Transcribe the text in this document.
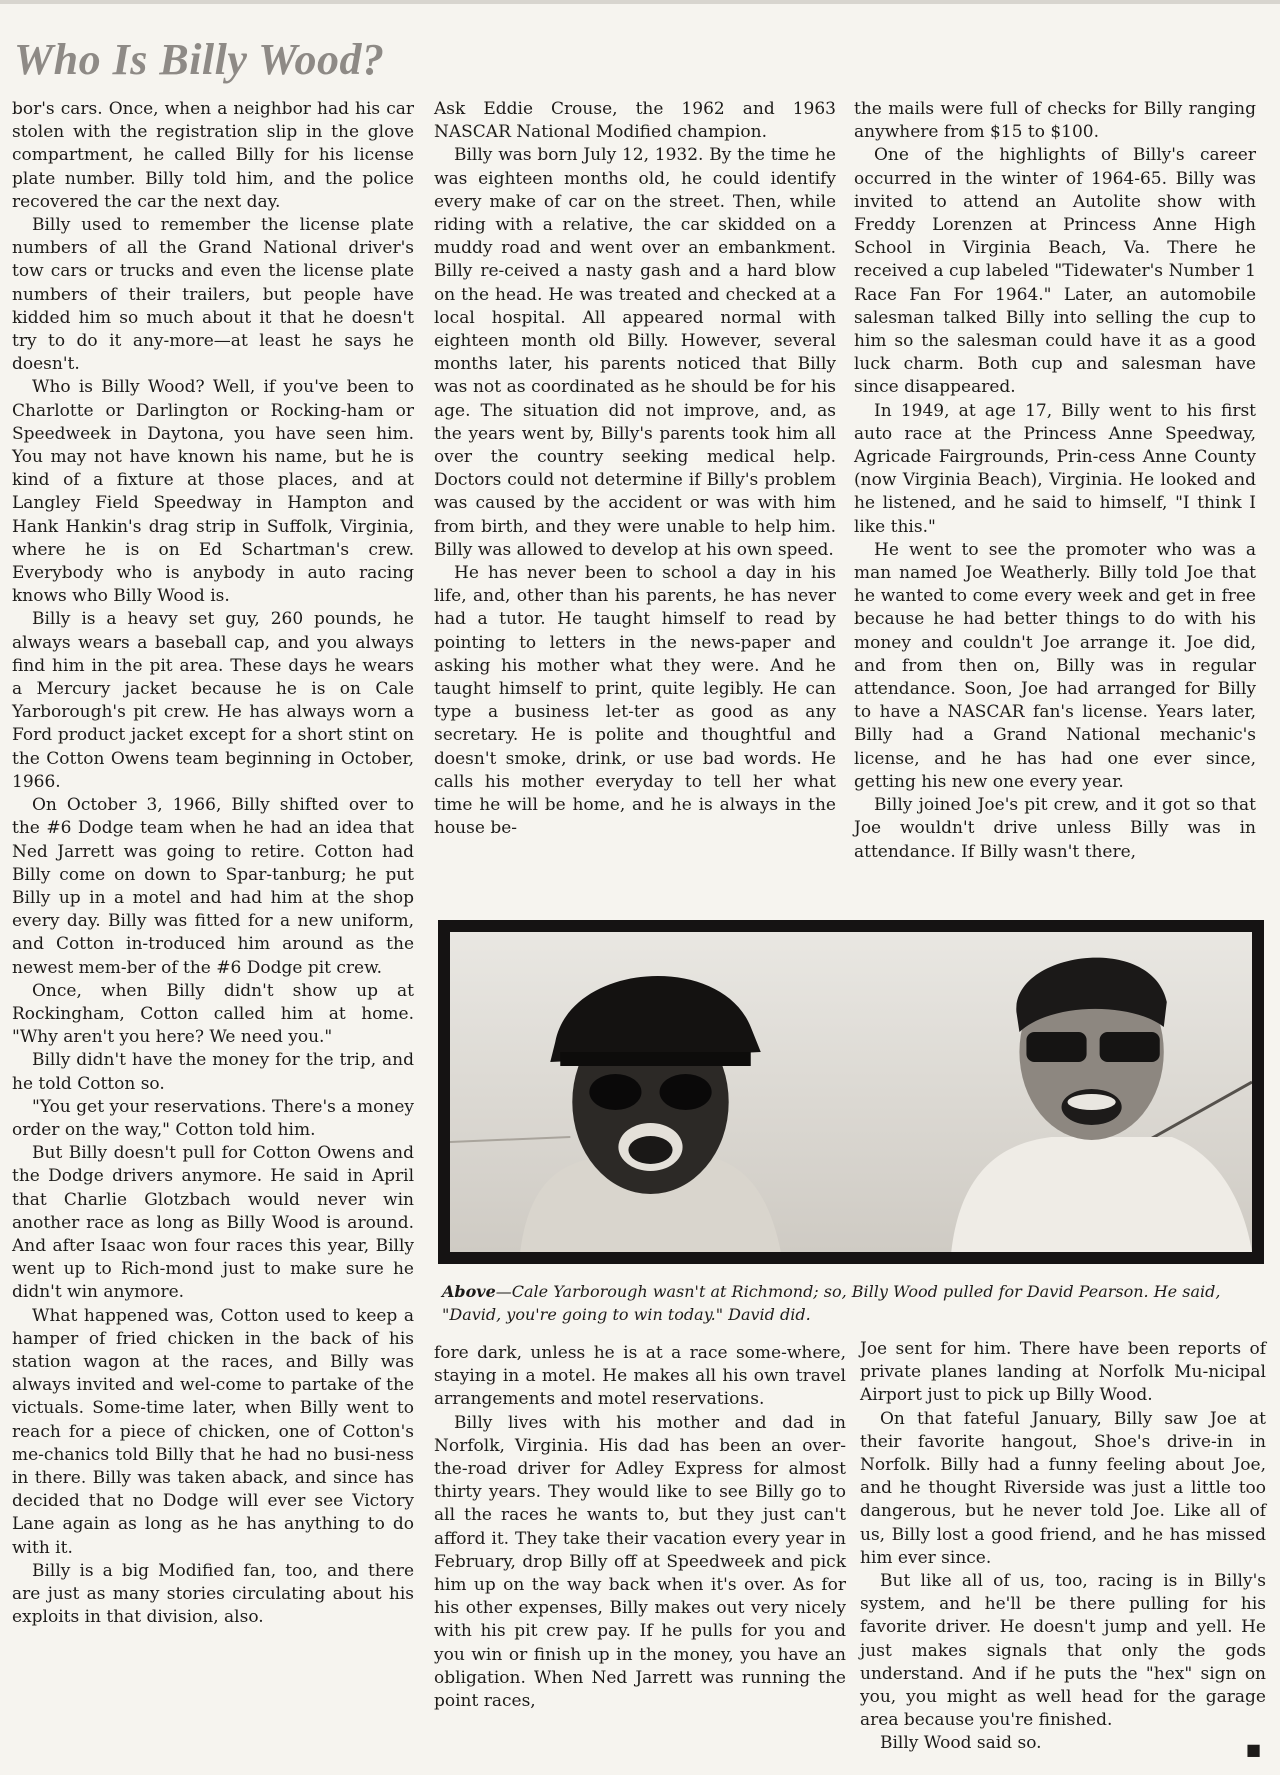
Who Is Billy Wood?

bor's cars. Once, when a neighbor had his car stolen with the registration slip in the glove compartment, he called Billy for his license plate number. Billy told him, and the police recovered the car the next day.

Billy used to remember the license plate numbers of all the Grand National driver's tow cars or trucks and even the license plate numbers of their trailers, but people have kidded him so much about it that he doesn't try to do it any-more—at least he says he doesn't.

Who is Billy Wood? Well, if you've been to Charlotte or Darlington or Rocking-ham or Speedweek in Daytona, you have seen him. You may not have known his name, but he is kind of a fixture at those places, and at Langley Field Speedway in Hampton and Hank Hankin's drag strip in Suffolk, Virginia, where he is on Ed Schartman's crew. Everybody who is anybody in auto racing knows who Billy Wood is.

Billy is a heavy set guy, 260 pounds, he always wears a baseball cap, and you always find him in the pit area. These days he wears a Mercury jacket because he is on Cale Yarborough's pit crew. He has always worn a Ford product jacket except for a short stint on the Cotton Owens team beginning in October, 1966.

On October 3, 1966, Billy shifted over to the #6 Dodge team when he had an idea that Ned Jarrett was going to retire. Cotton had Billy come on down to Spar-tanburg; he put Billy up in a motel and had him at the shop every day. Billy was fitted for a new uniform, and Cotton in-troduced him around as the newest mem-ber of the #6 Dodge pit crew.

Once, when Billy didn't show up at Rockingham, Cotton called him at home. "Why aren't you here? We need you."

Billy didn't have the money for the trip, and he told Cotton so.

"You get your reservations. There's a money order on the way," Cotton told him.

But Billy doesn't pull for Cotton Owens and the Dodge drivers anymore. He said in April that Charlie Glotzbach would never win another race as long as Billy Wood is around. And after Isaac won four races this year, Billy went up to Rich-mond just to make sure he didn't win anymore.

What happened was, Cotton used to keep a hamper of fried chicken in the back of his station wagon at the races, and Billy was always invited and wel-come to partake of the victuals. Some-time later, when Billy went to reach for a piece of chicken, one of Cotton's me-chanics told Billy that he had no busi-ness in there. Billy was taken aback, and since has decided that no Dodge will ever see Victory Lane again as long as he has anything to do with it.

Billy is a big Modified fan, too, and there are just as many stories circulating about his exploits in that division, also.

Ask Eddie Crouse, the 1962 and 1963 NASCAR National Modified champion.

Billy was born July 12, 1932. By the time he was eighteen months old, he could identify every make of car on the street. Then, while riding with a relative, the car skidded on a muddy road and went over an embankment. Billy re-ceived a nasty gash and a hard blow on the head. He was treated and checked at a local hospital. All appeared normal with eighteen month old Billy. However, several months later, his parents noticed that Billy was not as coordinated as he should be for his age. The situation did not improve, and, as the years went by, Billy's parents took him all over the country seeking medical help. Doctors could not determine if Billy's problem was caused by the accident or was with him from birth, and they were unable to help him. Billy was allowed to develop at his own speed.

He has never been to school a day in his life, and, other than his parents, he has never had a tutor. He taught himself to read by pointing to letters in the news-paper and asking his mother what they were. And he taught himself to print, quite legibly. He can type a business let-ter as good as any secretary. He is polite and thoughtful and doesn't smoke, drink, or use bad words. He calls his mother everyday to tell her what time he will be home, and he is always in the house be-

the mails were full of checks for Billy ranging anywhere from $15 to $100.

One of the highlights of Billy's career occurred in the winter of 1964-65. Billy was invited to attend an Autolite show with Freddy Lorenzen at Princess Anne High School in Virginia Beach, Va. There he received a cup labeled "Tidewater's Number 1 Race Fan For 1964." Later, an automobile salesman talked Billy into selling the cup to him so the salesman could have it as a good luck charm. Both cup and salesman have since disappeared.

In 1949, at age 17, Billy went to his first auto race at the Princess Anne Speedway, Agricade Fairgrounds, Prin-cess Anne County (now Virginia Beach), Virginia. He looked and he listened, and he said to himself, "I think I like this."

He went to see the promoter who was a man named Joe Weatherly. Billy told Joe that he wanted to come every week and get in free because he had better things to do with his money and couldn't Joe arrange it. Joe did, and from then on, Billy was in regular attendance. Soon, Joe had arranged for Billy to have a NASCAR fan's license. Years later, Billy had a Grand National mechanic's license, and he has had one ever since, getting his new one every year.

Billy joined Joe's pit crew, and it got so that Joe wouldn't drive unless Billy was in attendance. If Billy wasn't there,

Above—Cale Yarborough wasn't at Richmond; so, Billy Wood pulled for David Pearson. He said, "David, you're going to win today." David did.

fore dark, unless he is at a race some-where, staying in a motel. He makes all his own travel arrangements and motel reservations.

Billy lives with his mother and dad in Norfolk, Virginia. His dad has been an over-the-road driver for Adley Express for almost thirty years. They would like to see Billy go to all the races he wants to, but they just can't afford it. They take their vacation every year in February, drop Billy off at Speedweek and pick him up on the way back when it's over. As for his other expenses, Billy makes out very nicely with his pit crew pay. If he pulls for you and you win or finish up in the money, you have an obligation. When Ned Jarrett was running the point races,

Joe sent for him. There have been reports of private planes landing at Norfolk Mu-nicipal Airport just to pick up Billy Wood.

On that fateful January, Billy saw Joe at their favorite hangout, Shoe's drive-in in Norfolk. Billy had a funny feeling about Joe, and he thought Riverside was just a little too dangerous, but he never told Joe. Like all of us, Billy lost a good friend, and he has missed him ever since.

But like all of us, too, racing is in Billy's system, and he'll be there pulling for his favorite driver. He doesn't jump and yell. He just makes signals that only the gods understand. And if he puts the "hex" sign on you, you might as well head for the garage area because you're finished.

Billy Wood said so.	■
